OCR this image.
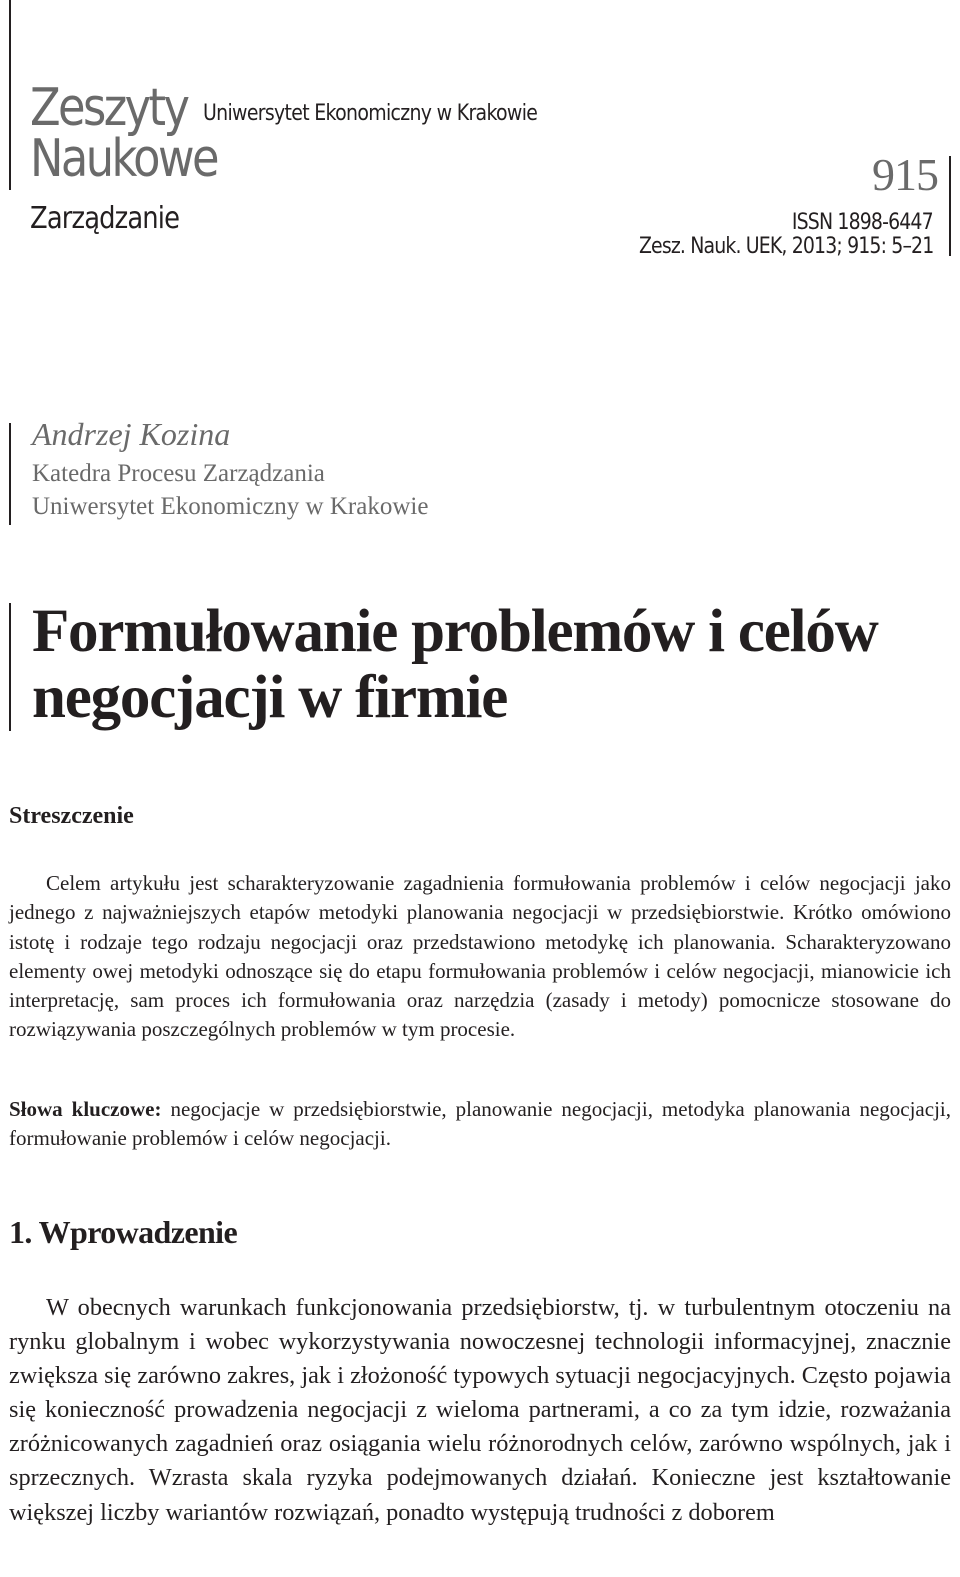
Zeszyty
Naukowe
Uniwersytet Ekonomiczny w Krakowie
Zarządzanie
915
ISSN 1898-6447
Zesz. Nauk. UEK, 2013; 915: 5–21
Andrzej Kozina
Katedra Procesu Zarządzania
Uniwersytet Ekonomiczny w Krakowie
Formułowanie problemów i celów negocjacji w firmie
Streszczenie

Celem artykułu jest scharakteryzowanie zagadnienia formułowania problemów i celów negocjacji jako jednego z najważniejszych etapów metodyki planowania negocjacji w przedsiębiorstwie. Krótko omówiono istotę i rodzaje tego rodzaju negocjacji oraz przedstawiono metodykę ich planowania. Scharakteryzowano elementy owej metodyki odnoszące się do etapu formułowania problemów i celów negocjacji, mianowicie ich interpretację, sam proces ich formułowania oraz narzędzia (zasady i metody) pomocnicze stosowane do rozwiązywania poszczególnych problemów w tym procesie.

Słowa kluczowe: negocjacje w przedsiębiorstwie, planowanie negocjacji, metodyka planowania negocjacji, formułowanie problemów i celów negocjacji.
1. Wprowadzenie

W obecnych warunkach funkcjonowania przedsiębiorstw, tj. w turbulentnym otoczeniu na rynku globalnym i wobec wykorzystywania nowoczesnej technologii informacyjnej, znacznie zwiększa się zarówno zakres, jak i złożoność typowych sytuacji negocjacyjnych. Często pojawia się konieczność prowadzenia negocjacji z wieloma partnerami, a co za tym idzie, rozważania zróżnicowanych zagadnień oraz osiągania wielu różnorodnych celów, zarówno wspólnych, jak i sprzecznych. Wzrasta skala ryzyka podejmowanych działań. Konieczne jest kształtowanie większej liczby wariantów rozwiązań, ponadto występują trudności z doborem
